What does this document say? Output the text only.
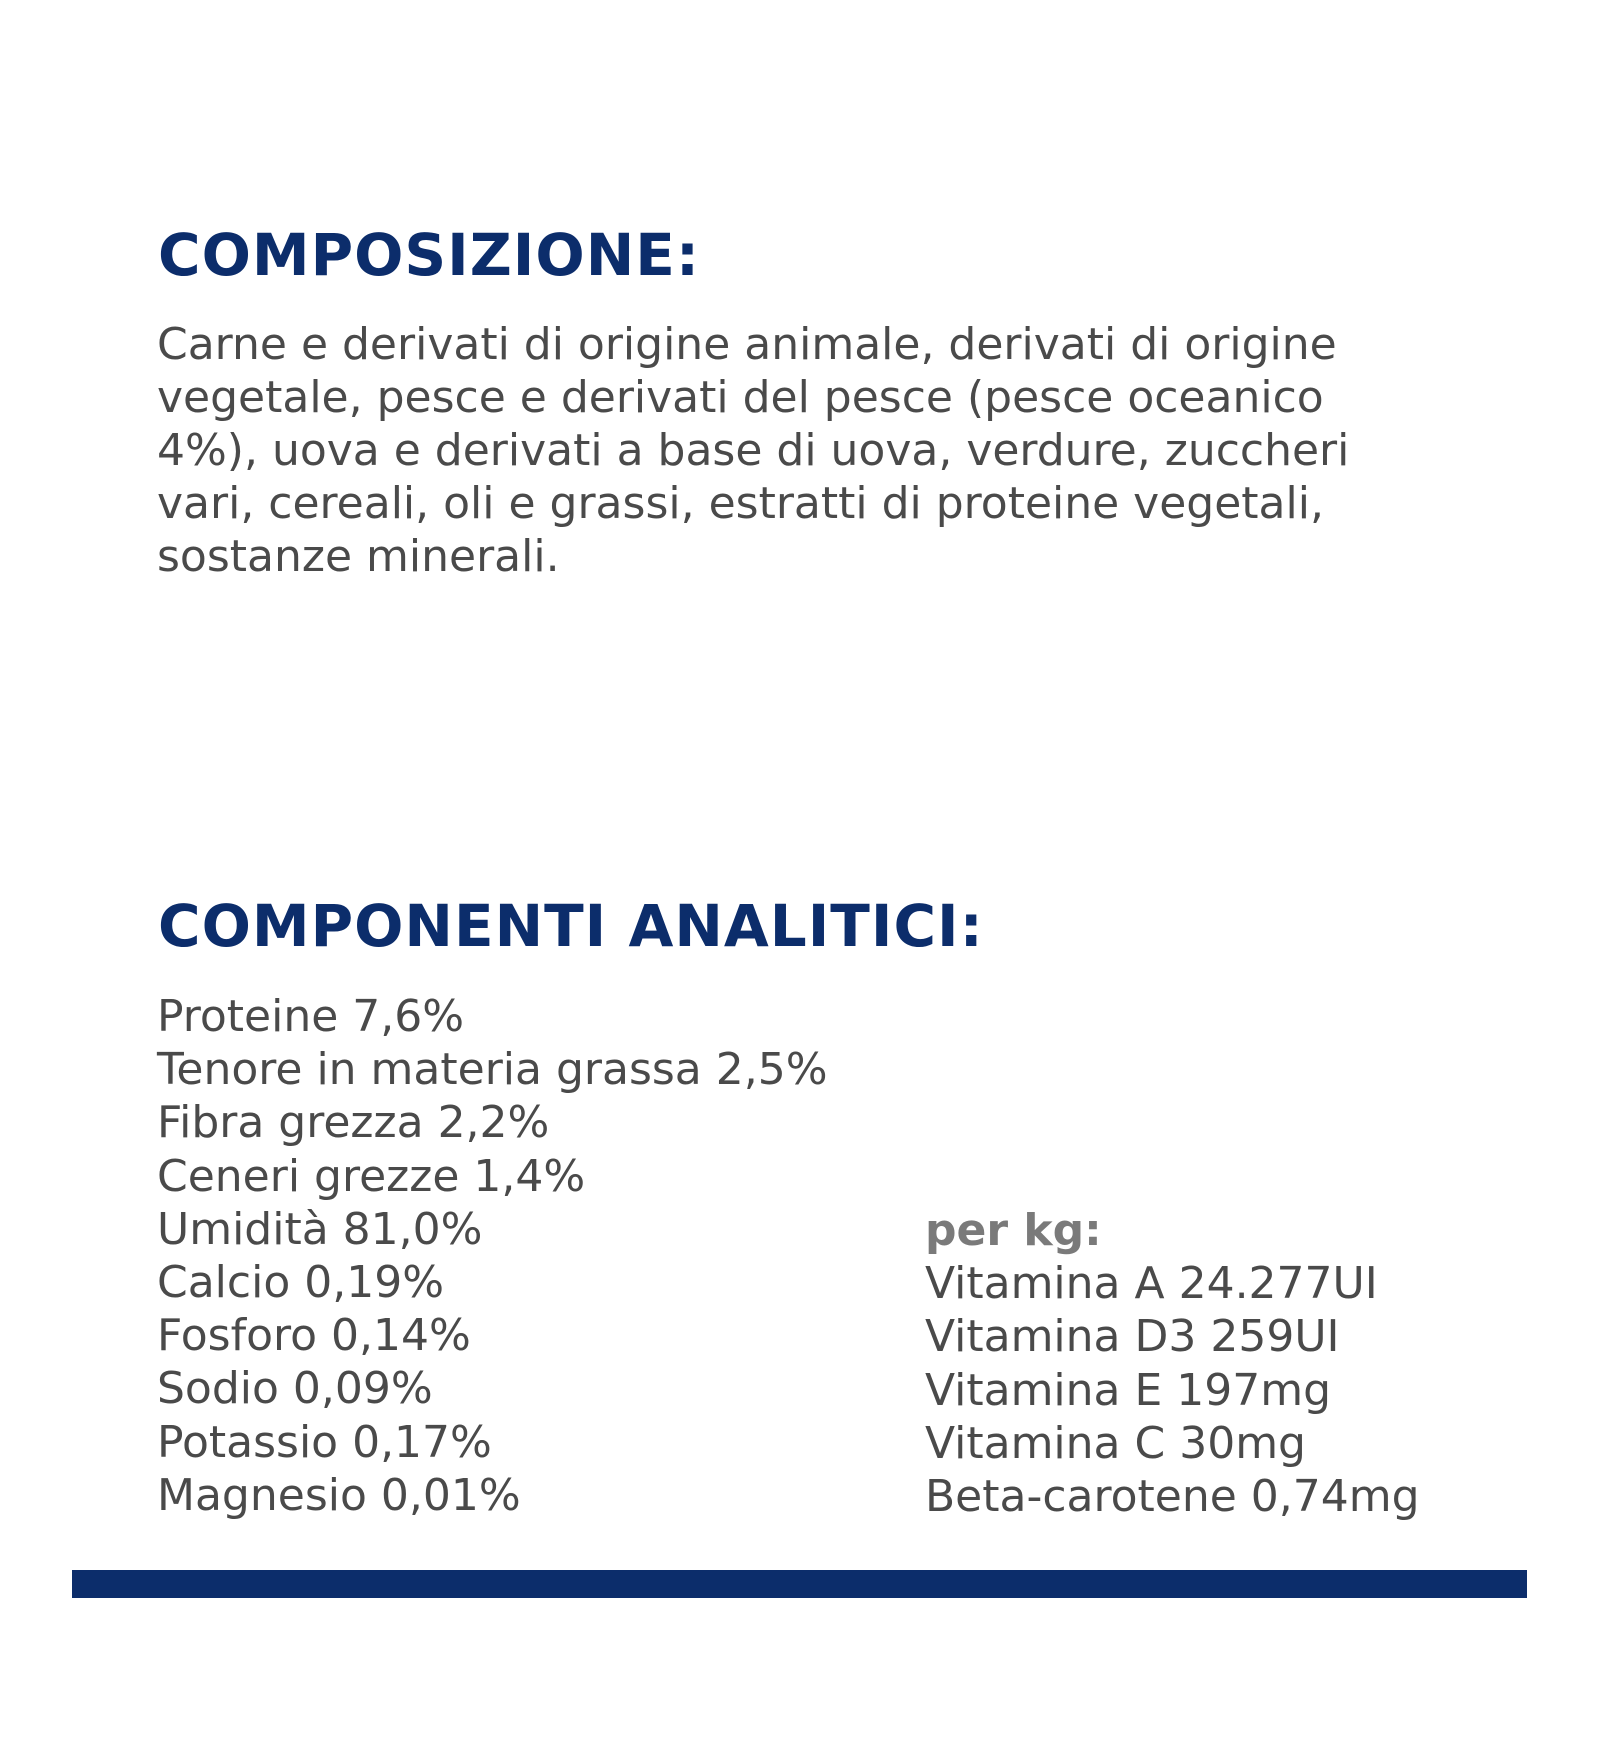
COMPOSIZIONE:

Carne e derivati di origine animale, derivati di origine vegetale, pesce e derivati del pesce (pesce oceanico 4%), uova e derivati a base di uova, verdure, zuccheri vari, cereali, oli e grassi, estratti di proteine vegetali, sostanze minerali.

COMPONENTI ANALITICI:
Proteine 7,6%
Tenore in materia grassa 2,5%
Fibra grezza 2,2%
Ceneri grezze 1,4%
Umidità 81,0%
Calcio 0,19%
Fosforo 0,14%
Sodio 0,09%
Potassio 0,17%
Magnesio 0,01%

per kg:

Vitamina A 24.277UI
Vitamina D3 259UI
Vitamina E 197mg
Vitamina C 30mg
Beta-carotene 0,74mg
